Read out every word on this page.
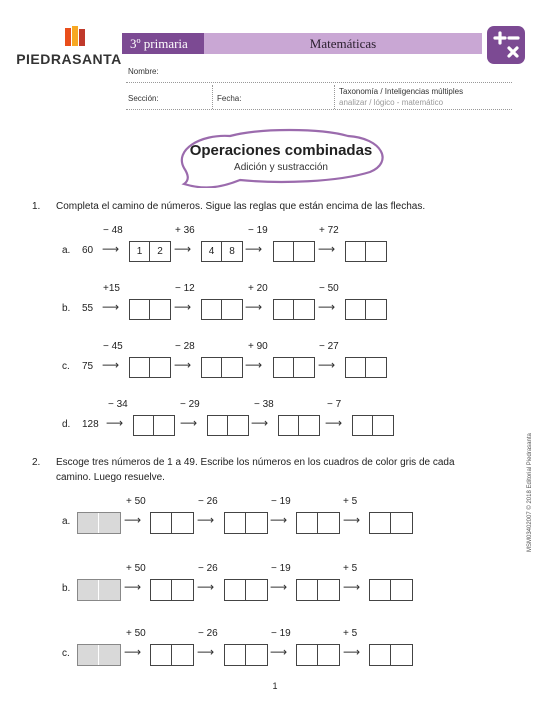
PIEDRASANTA
3º primaria	Matemáticas
Nombre:
Sección:	Fecha:
Taxonomía / Inteligencias múltiples
analizar / lógico - matemático
Operaciones combinadas
Adición y sustracción
1. Completa el camino de números. Sigue las reglas que están encima de las flechas.
a. 60
− 48	+ 36	− 19	+ 72
⟶	⟶	⟶	⟶
1	2	4	8
b. 55
+15	− 12	+ 20	− 50
⟶	⟶	⟶	⟶
c. 75
− 45	− 28	+ 90	− 27
⟶	⟶	⟶	⟶
d. 128
− 34	− 29	− 38	− 7
⟶	⟶	⟶	⟶
2. Escoge tres números de 1 a 49. Escribe los números en los cuadros de color gris de cada
camino. Luego resuelve.
a.
+ 50	− 26	− 19	+ 5
⟶	⟶	⟶	⟶
b.
+ 50	− 26	− 19	+ 5
⟶	⟶	⟶	⟶
c.
+ 50	− 26	− 19	+ 5
⟶	⟶	⟶	⟶
MSM03402007 © 2018 Editorial Piedrasanta
1
